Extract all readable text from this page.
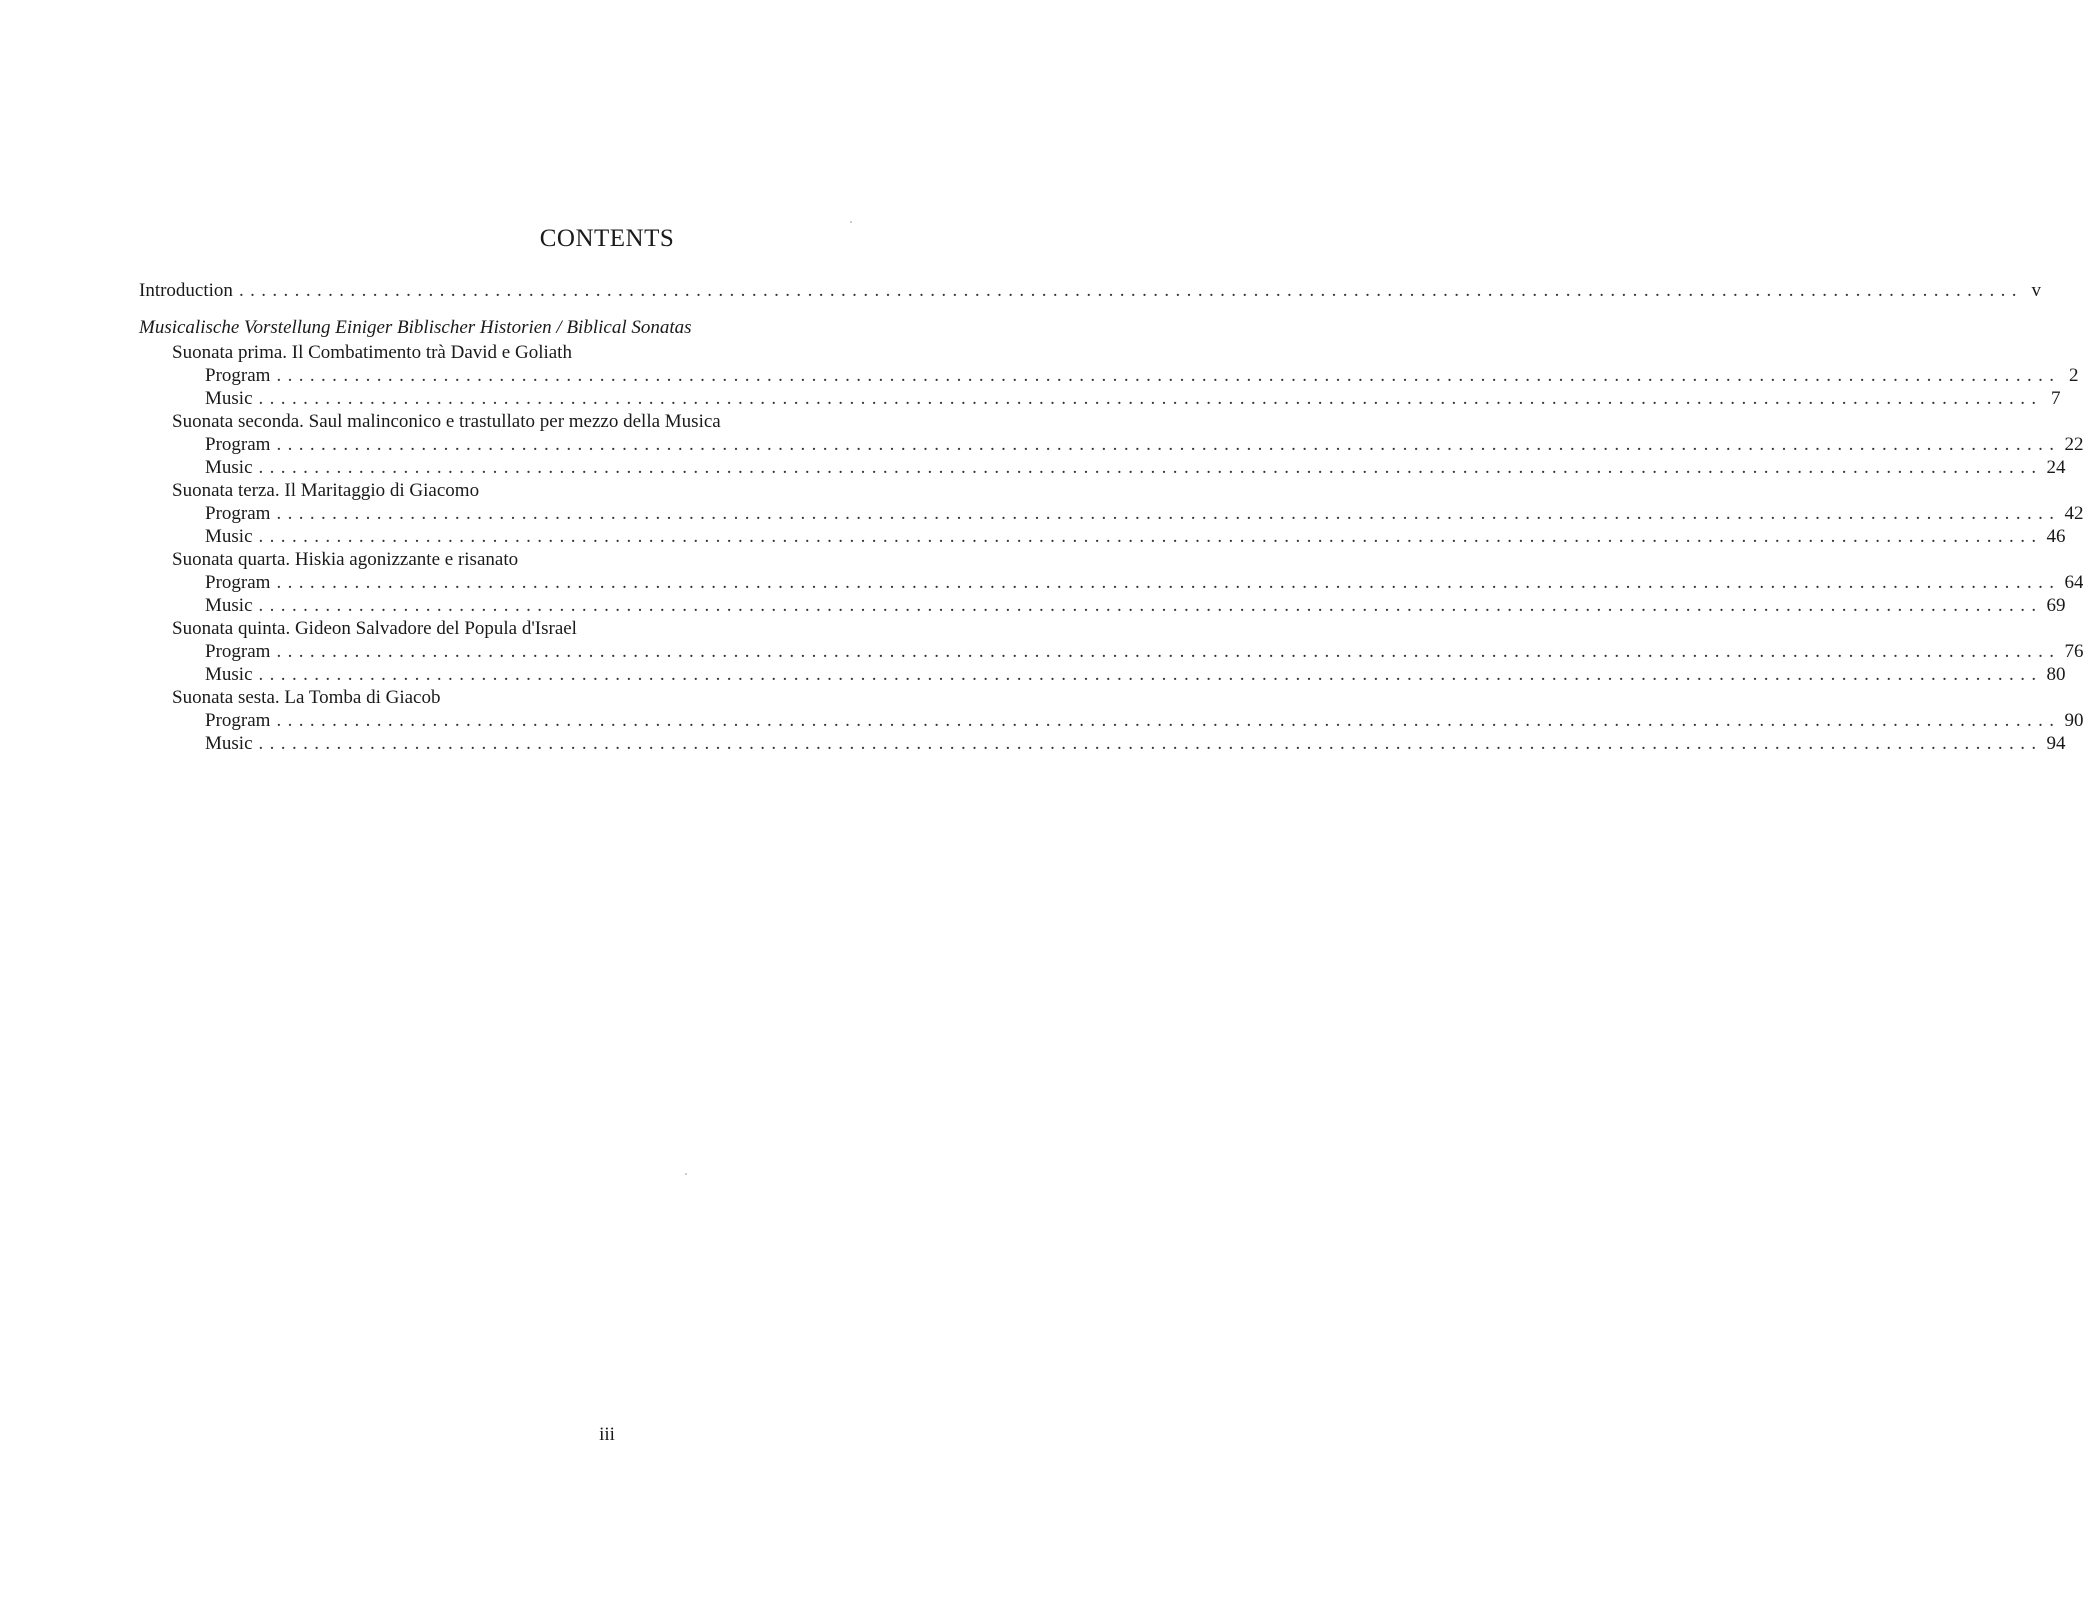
CONTENTS
Introduction ................................................................................................................................................................ v
Musicalische Vorstellung Einiger Biblischer Historien / Biblical Sonatas
Suonata prima. Il Combatimento trà David e Goliath
Program ................................................................................................................................................................ 2
Music ................................................................................................................................................................ 7
Suonata seconda. Saul malinconico e trastullato per mezzo della Musica
Program ................................................................................................................................................................ 22
Music ................................................................................................................................................................ 24
Suonata terza. Il Maritaggio di Giacomo
Program ................................................................................................................................................................ 42
Music ................................................................................................................................................................ 46
Suonata quarta. Hiskia agonizzante e risanato
Program ................................................................................................................................................................ 64
Music ................................................................................................................................................................ 69
Suonata quinta. Gideon Salvadore del Popula d'Israel
Program ................................................................................................................................................................ 76
Music ................................................................................................................................................................ 80
Suonata sesta. La Tomba di Giacob
Program ................................................................................................................................................................ 90
Music ................................................................................................................................................................ 94
iii
